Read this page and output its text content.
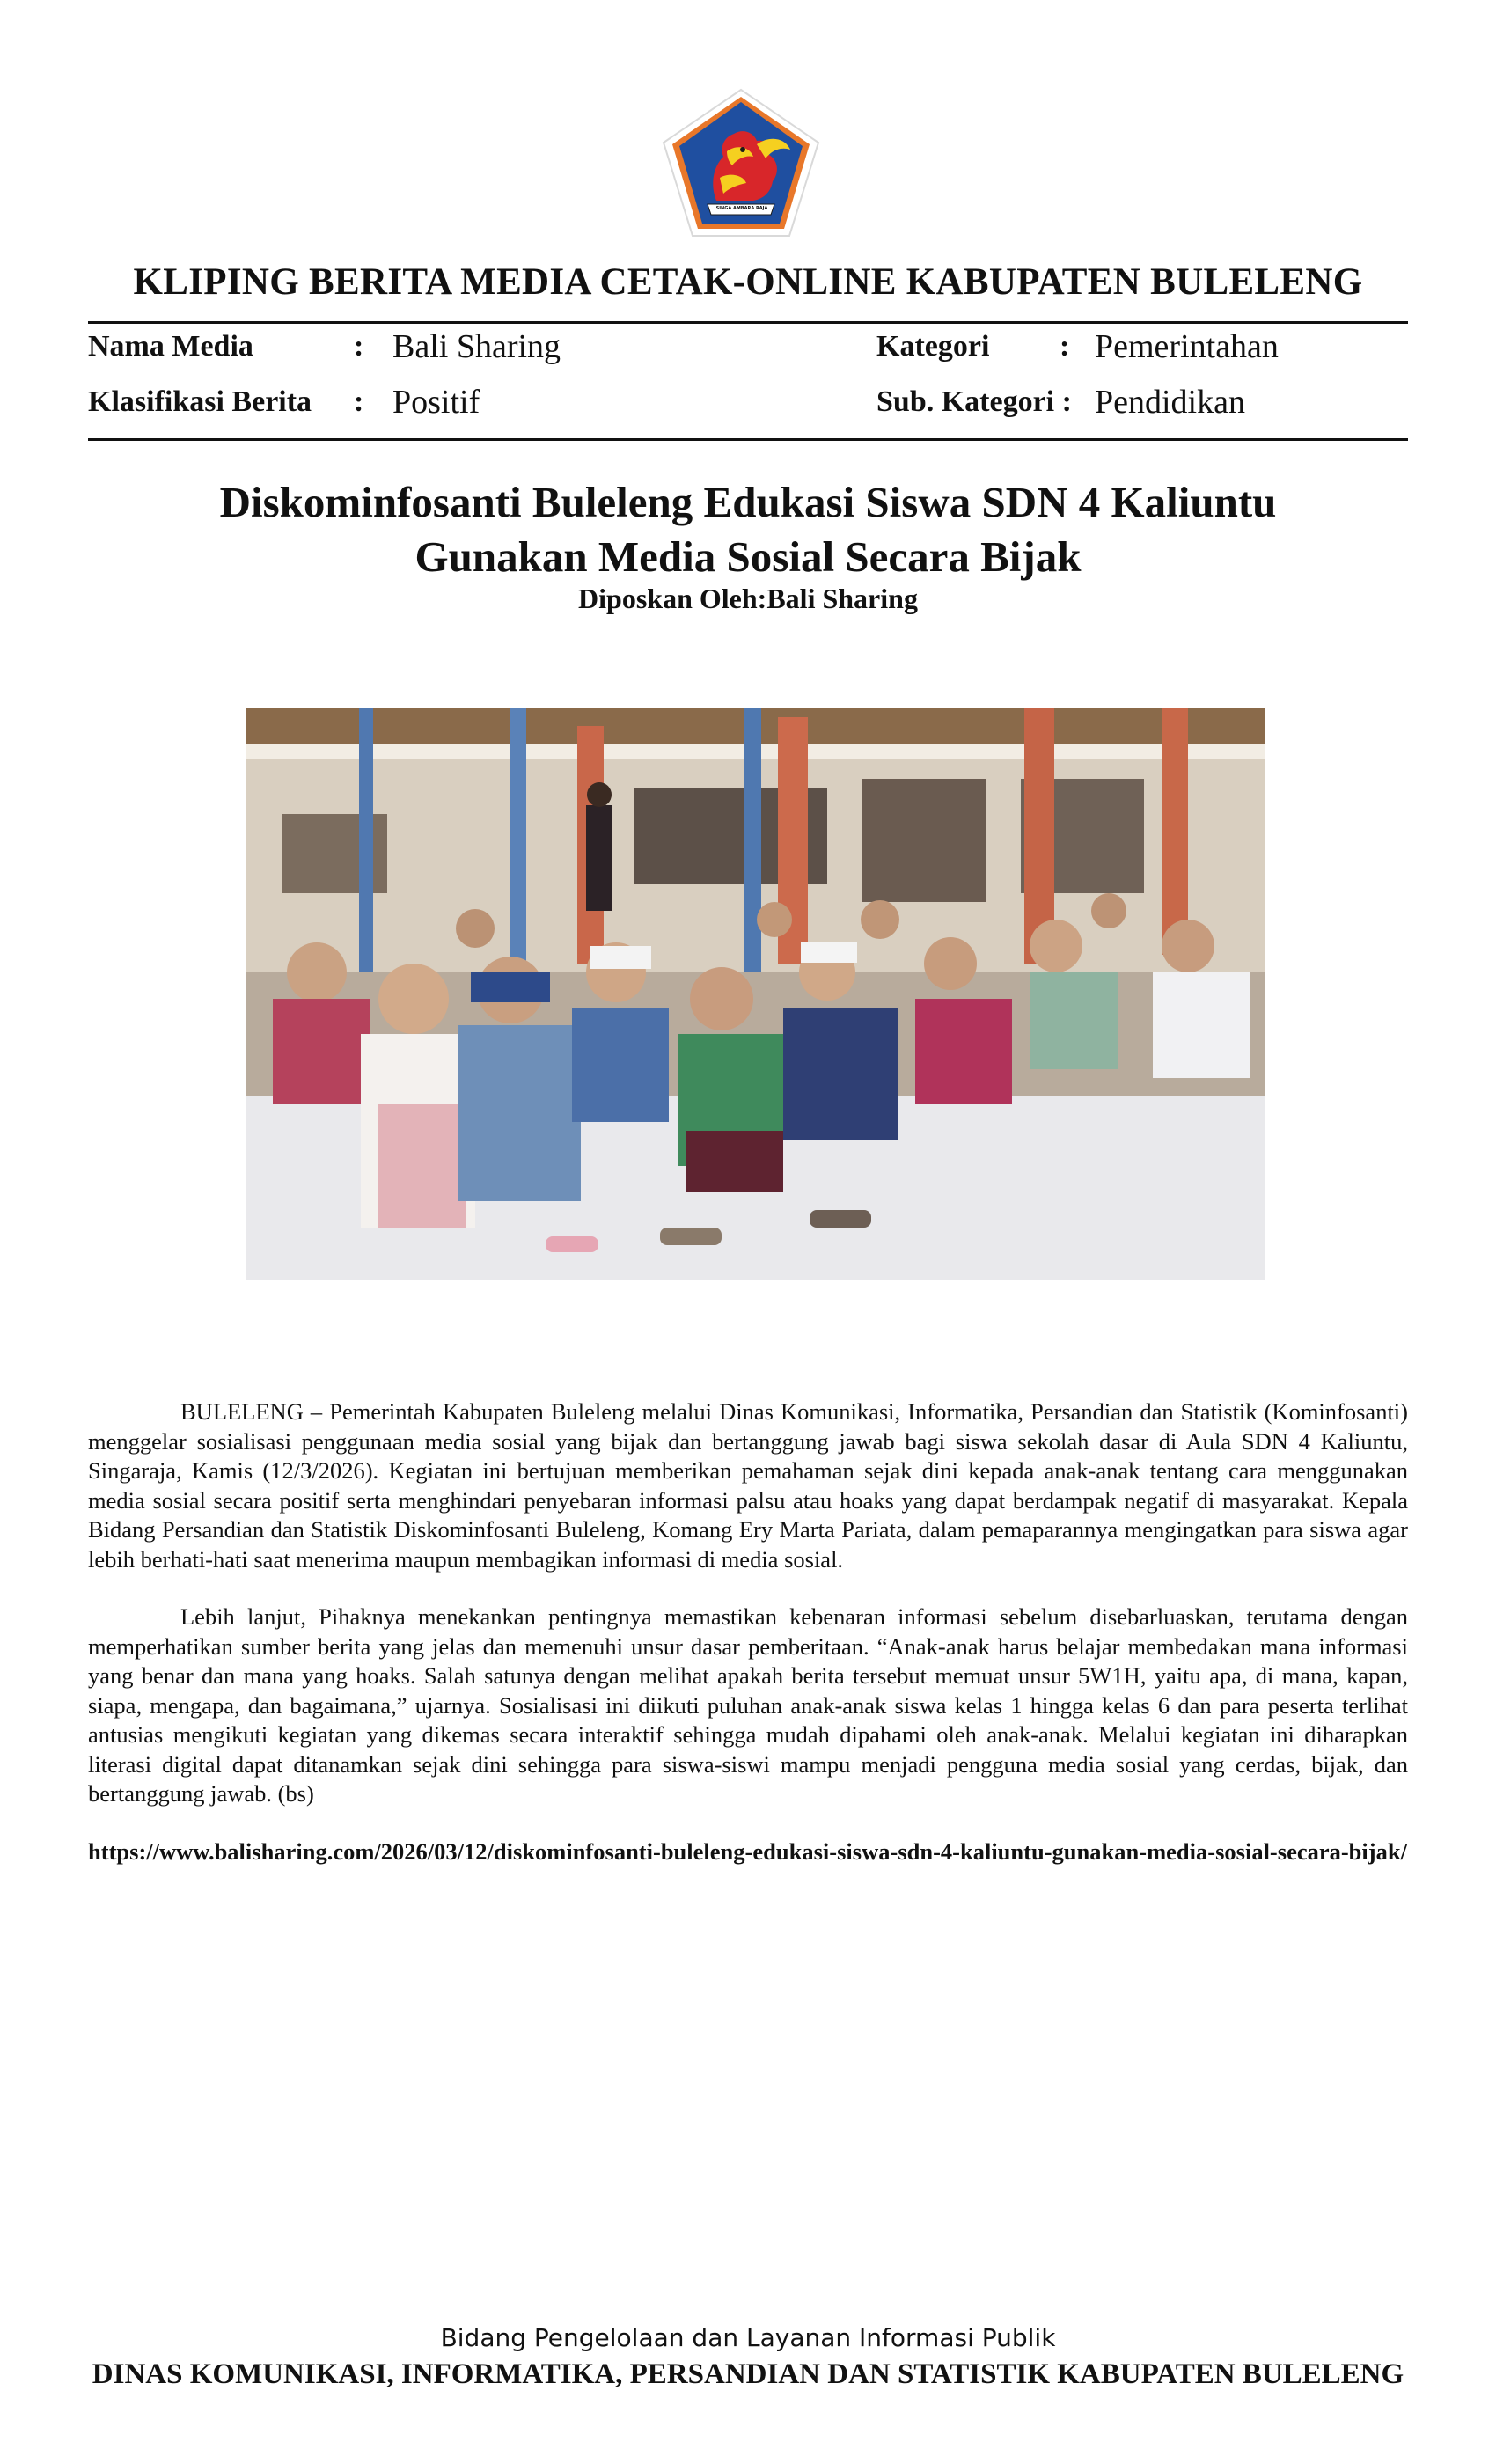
SINGA AMBARA RAJA
KLIPING BERITA MEDIA CETAK-ONLINE KABUPATEN BULELENG
Nama Media	: Bali Sharing	Kategori : Pemerintahan
Klasifikasi Berita : Positif	Sub. Kategori : Pendidikan
Diskominfosanti Buleleng Edukasi Siswa SDN 4 Kaliuntu
Gunakan Media Sosial Secara Bijak
Diposkan Oleh:Bali Sharing

BULELENG – Pemerintah Kabupaten Buleleng melalui Dinas Komunikasi, Informatika, Persandian dan Statistik (Kominfosanti) menggelar sosialisasi penggunaan media sosial yang bijak dan bertanggung jawab bagi siswa sekolah dasar di Aula SDN 4 Kaliuntu, Singaraja, Kamis (12/3/2026). Kegiatan ini bertujuan memberikan pemahaman sejak dini kepada anak-anak tentang cara menggunakan media sosial secara positif serta menghindari penyebaran informasi palsu atau hoaks yang dapat berdampak negatif di masyarakat. Kepala Bidang Persandian dan Statistik Diskominfosanti Buleleng, Komang Ery Marta Pariata, dalam pemaparannya mengingatkan para siswa agar lebih berhati-hati saat menerima maupun membagikan informasi di media sosial.

Lebih lanjut, Pihaknya menekankan pentingnya memastikan kebenaran informasi sebelum disebarluaskan, terutama dengan memperhatikan sumber berita yang jelas dan memenuhi unsur dasar pemberitaan. “Anak-anak harus belajar membedakan mana informasi yang benar dan mana yang hoaks. Salah satunya dengan melihat apakah berita tersebut memuat unsur 5W1H, yaitu apa, di mana, kapan, siapa, mengapa, dan bagaimana,” ujarnya. Sosialisasi ini diikuti puluhan anak-anak siswa kelas 1 hingga kelas 6 dan para peserta terlihat antusias mengikuti kegiatan yang dikemas secara interaktif sehingga mudah dipahami oleh anak-anak. Melalui kegiatan ini diharapkan literasi digital dapat ditanamkan sejak dini sehingga para siswa-siswi mampu menjadi pengguna media sosial yang cerdas, bijak, dan bertanggung jawab. (bs)

https://www.balisharing.com/2026/03/12/diskominfosanti-buleleng-edukasi-siswa-sdn-4-kaliuntu-gunakan-media-sosial-secara-bijak/
Bidang Pengelolaan dan Layanan Informasi Publik
DINAS KOMUNIKASI, INFORMATIKA, PERSANDIAN DAN STATISTIK KABUPATEN BULELENG
